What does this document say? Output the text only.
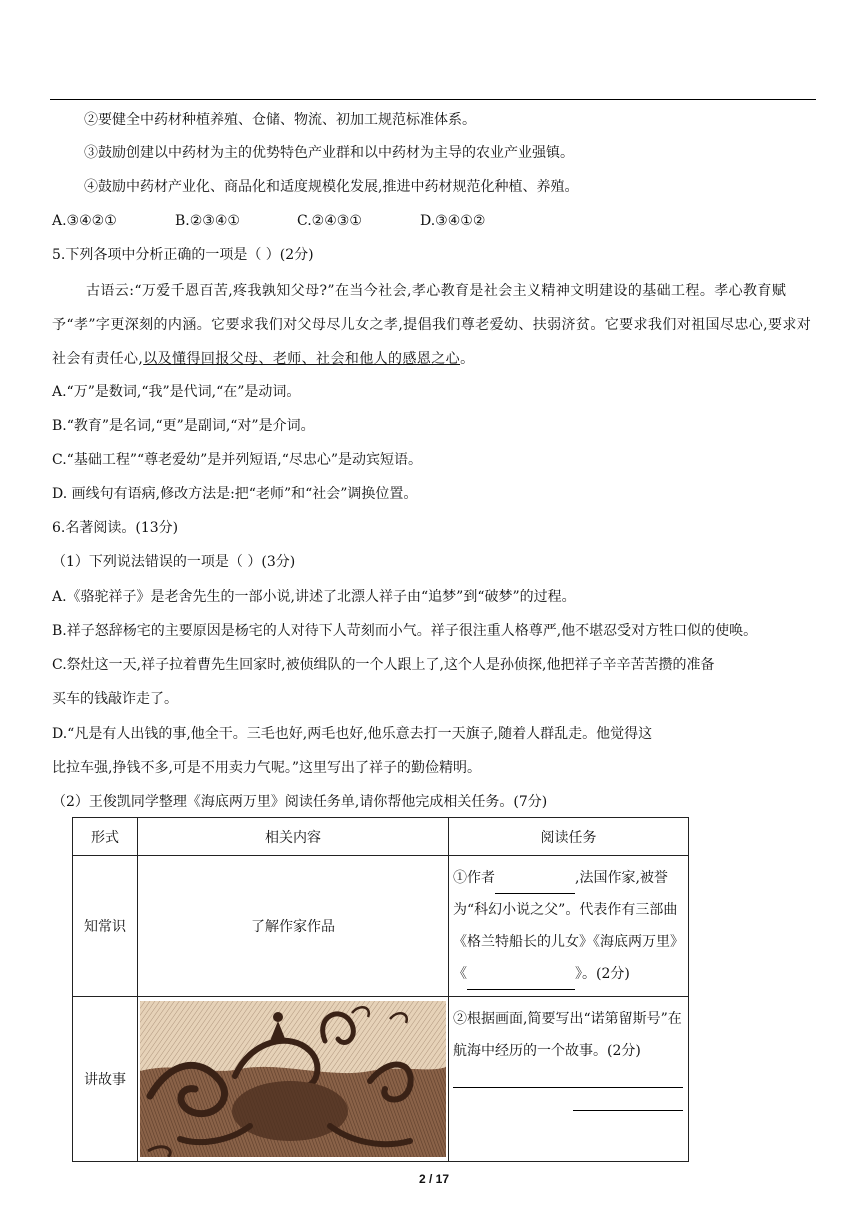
②要健全中药材种植养殖、仓储、物流、初加工规范标准体系。
③鼓励创建以中药材为主的优势特色产业群和以中药材为主导的农业产业强镇。
④鼓励中药材产业化、商品化和适度规模化发展,推进中药材规范化种植、养殖。
A.③④②①	B.②③④①	C.②④③①	D.③④①②
5.下列各项中分析正确的一项是（ ）(2分)
古语云:“万爱千恩百苦,疼我孰知父母?”在当今社会,孝心教育是社会主义精神文明建设的基础工程。孝心教育赋予“孝”字更深刻的内涵。它要求我们对父母尽儿女之孝,提倡我们尊老爱幼、扶弱济贫。它要求我们对祖国尽忠心,要求对社会有责任心,以及懂得回报父母、老师、社会和他人的感恩之心。
A.“万”是数词,“我”是代词,“在”是动词。
B.“教育”是名词,“更”是副词,“对”是介词。
C.“基础工程”“尊老爱幼”是并列短语,“尽忠心”是动宾短语。
D. 画线句有语病,修改方法是:把“老师”和“社会”调换位置。
6.名著阅读。(13分)
（1）下列说法错误的一项是（ ）(3分)
A.《骆驼祥子》是老舍先生的一部小说,讲述了北漂人祥子由“追梦”到“破梦”的过程。
B.祥子怒辞杨宅的主要原因是杨宅的人对待下人苛刻而小气。祥子很注重人格尊严,他不堪忍受对方牲口似的使唤。
C.祭灶这一天,祥子拉着曹先生回家时,被侦缉队的一个人跟上了,这个人是孙侦探,他把祥子辛辛苦苦攒的准备
买车的钱敲诈走了。
D.“凡是有人出钱的事,他全干。三毛也好,两毛也好,他乐意去打一天旗子,随着人群乱走。他觉得这
比拉车强,挣钱不多,可是不用卖力气呢。”这里写出了祥子的勤俭精明。
（2）王俊凯同学整理《海底两万里》阅读任务单,请你帮他完成相关任务。(7分)
形式	相关内容	阅读任务
知常识	了解作家作品	①作者 ,法国作家,被誉为“科幻小说之父”。代表作有三部曲《格兰特船长的儿女》《海底两万里》《 》。(2分)
讲故事		②根据画面,简要写出“诺第留斯号”在航海中经历的一个故事。(2分)
2 / 17
